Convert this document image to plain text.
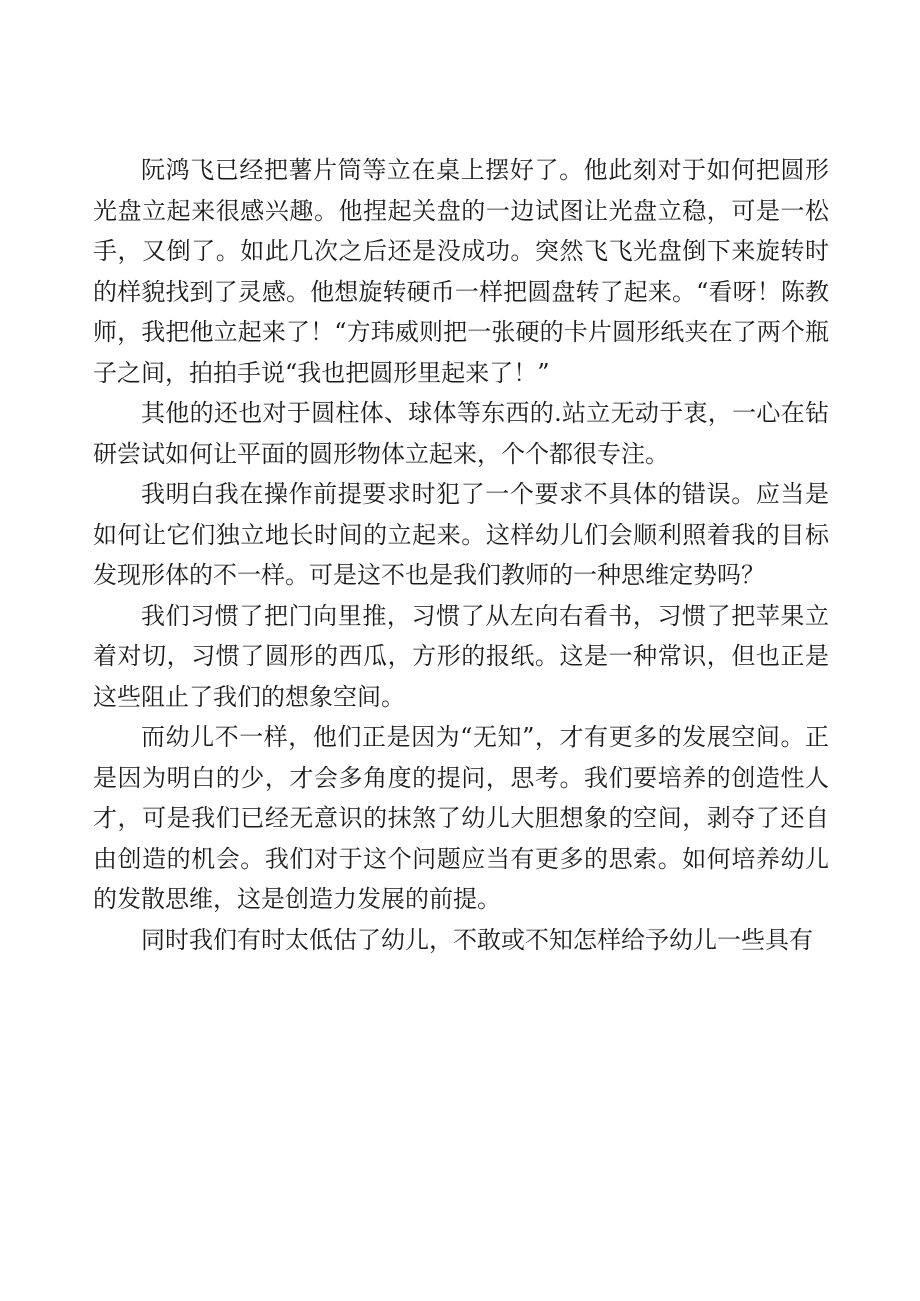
阮鸿飞已经把薯片筒等立在桌上摆好了。他此刻对于如何把圆形光盘立起来很感兴趣。他捏起关盘的一边试图让光盘立稳，可是一松手，又倒了。如此几次之后还是没成功。突然飞飞光盘倒下来旋转时的样貌找到了灵感。他想旋转硬币一样把圆盘转了起来。“看呀！陈教师，我把他立起来了！“方玮威则把一张硬的卡片圆形纸夹在了两个瓶子之间，拍拍手说“我也把圆形里起来了！”

其他的还也对于圆柱体、球体等东西的.站立无动于衷，一心在钻研尝试如何让平面的圆形物体立起来，个个都很专注。

我明白我在操作前提要求时犯了一个要求不具体的错误。应当是如何让它们独立地长时间的立起来。这样幼儿们会顺利照着我的目标发现形体的不一样。可是这不也是我们教师的一种思维定势吗？

我们习惯了把门向里推，习惯了从左向右看书，习惯了把苹果立着对切，习惯了圆形的西瓜，方形的报纸。这是一种常识，但也正是这些阻止了我们的想象空间。

而幼儿不一样，他们正是因为“无知”，才有更多的发展空间。正是因为明白的少，才会多角度的提问，思考。我们要培养的创造性人才，可是我们已经无意识的抹煞了幼儿大胆想象的空间，剥夺了还自由创造的机会。我们对于这个问题应当有更多的思索。如何培养幼儿的发散思维，这是创造力发展的前提。

同时我们有时太低估了幼儿，不敢或不知怎样给予幼儿一些具有
